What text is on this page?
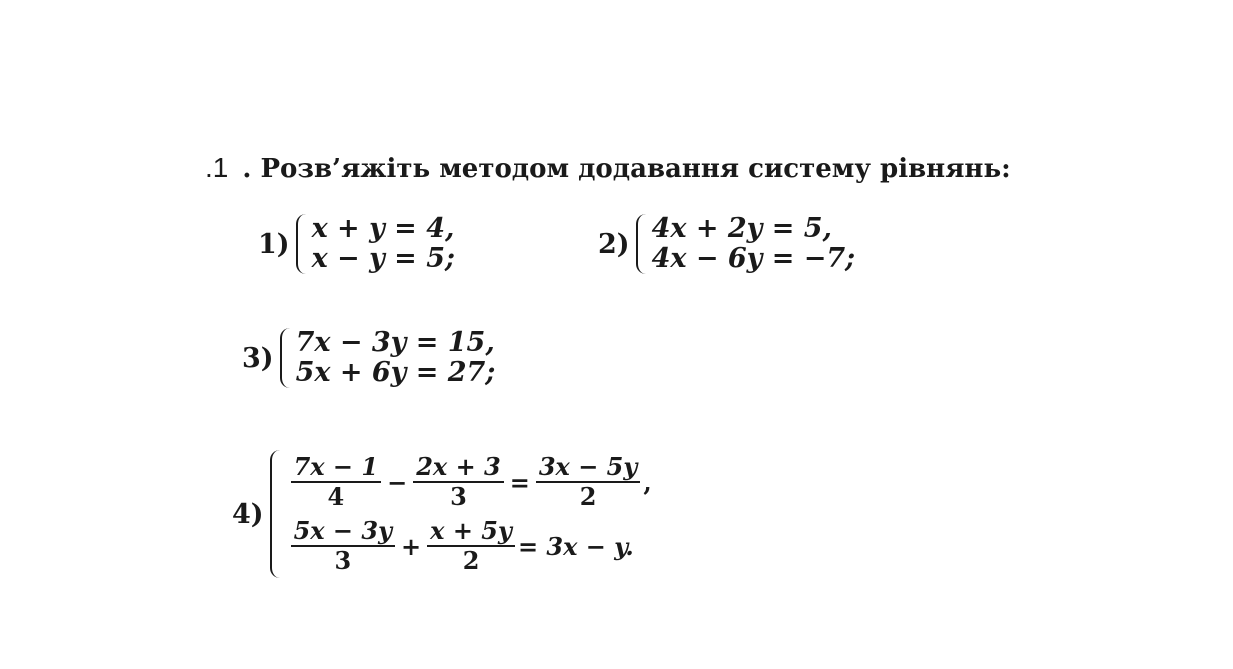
.1 . Розв’яжіть методом додавання систему рівнянь:
1) x + y = 4,
x − y = 5;	2) 4x + 2y = 5,
4x − 6y = −7;
3) 7x − 3y = 15,
5x + 6y = 27;
4)
$\frac{7x - 1}{4} - \frac{2x + 3}{3} = \frac{3x - 5y}{2}$ ,
$\frac{5x - 3y}{3} + \frac{x + 5y}{2} = 3x - y$.
